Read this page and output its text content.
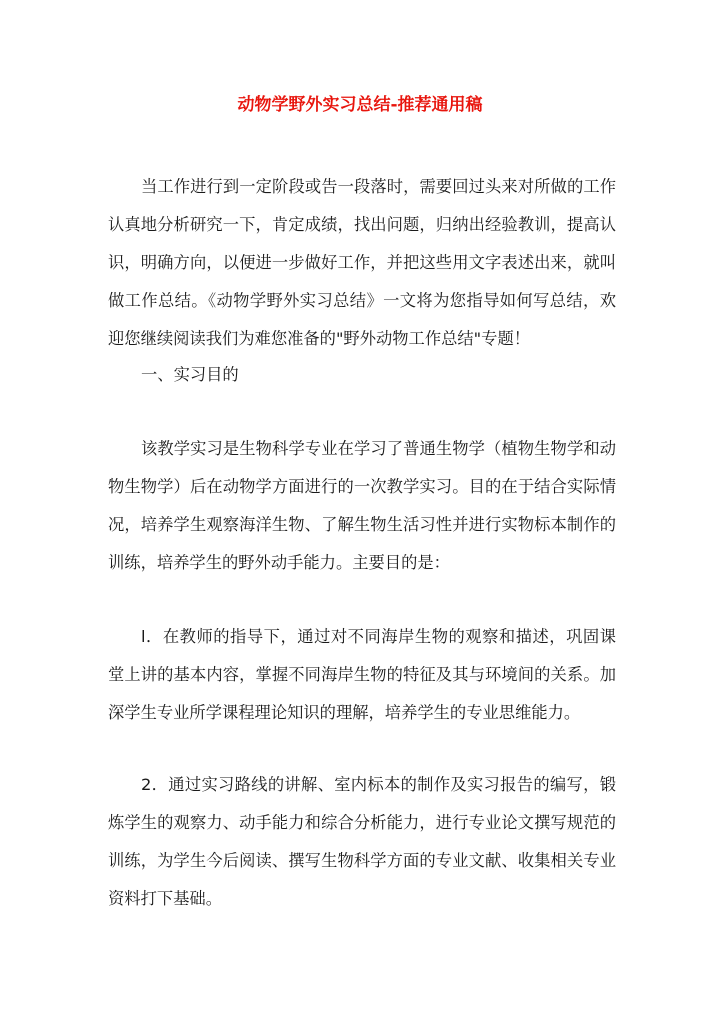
动物学野外实习总结-推荐通用稿

当工作进行到一定阶段或告一段落时，需要回过头来对所做的工作认真地分析研究一下，肯定成绩，找出问题，归纳出经验教训，提高认识，明确方向，以便进一步做好工作，并把这些用文字表述出来，就叫做工作总结。《动物学野外实习总结》一文将为您指导如何写总结，欢迎您继续阅读我们为难您准备的"野外动物工作总结"专题！

一、实习目的

该教学实习是生物科学专业在学习了普通生物学（植物生物学和动物生物学）后在动物学方面进行的一次教学实习。目的在于结合实际情况，培养学生观察海洋生物、了解生物生活习性并进行实物标本制作的训练，培养学生的野外动手能力。主要目的是：

l．在教师的指导下，通过对不同海岸生物的观察和描述，巩固课堂上讲的基本内容，掌握不同海岸生物的特征及其与环境间的关系。加深学生专业所学课程理论知识的理解，培养学生的专业思维能力。

2．通过实习路线的讲解、室内标本的制作及实习报告的编写，锻炼学生的观察力、动手能力和综合分析能力，进行专业论文撰写规范的训练，为学生今后阅读、撰写生物科学方面的专业文献、收集相关专业资料打下基础。
